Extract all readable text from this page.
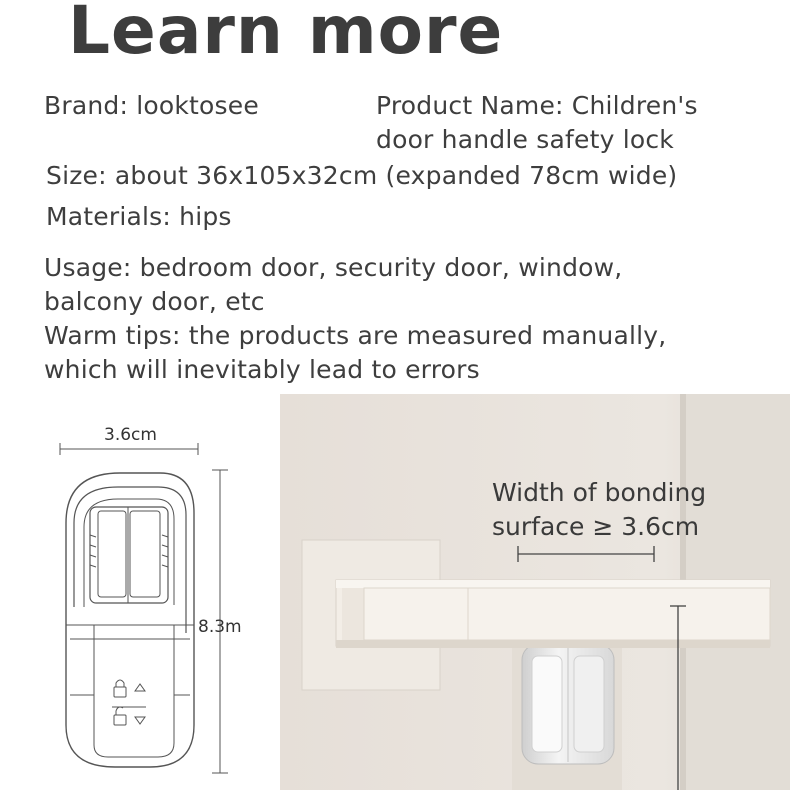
Learn more
Brand: looktosee	Product Name: Children's
door handle safety lock
Size: about 36x105x32cm (expanded 78cm wide)
Materials: hips
Usage: bedroom door, security door, window,
balcony door, etc
Warm tips: the products are measured manually,
which will inevitably lead to errors
3.6cm
8.3m
Width of bonding
surface ≥ 3.6cm
